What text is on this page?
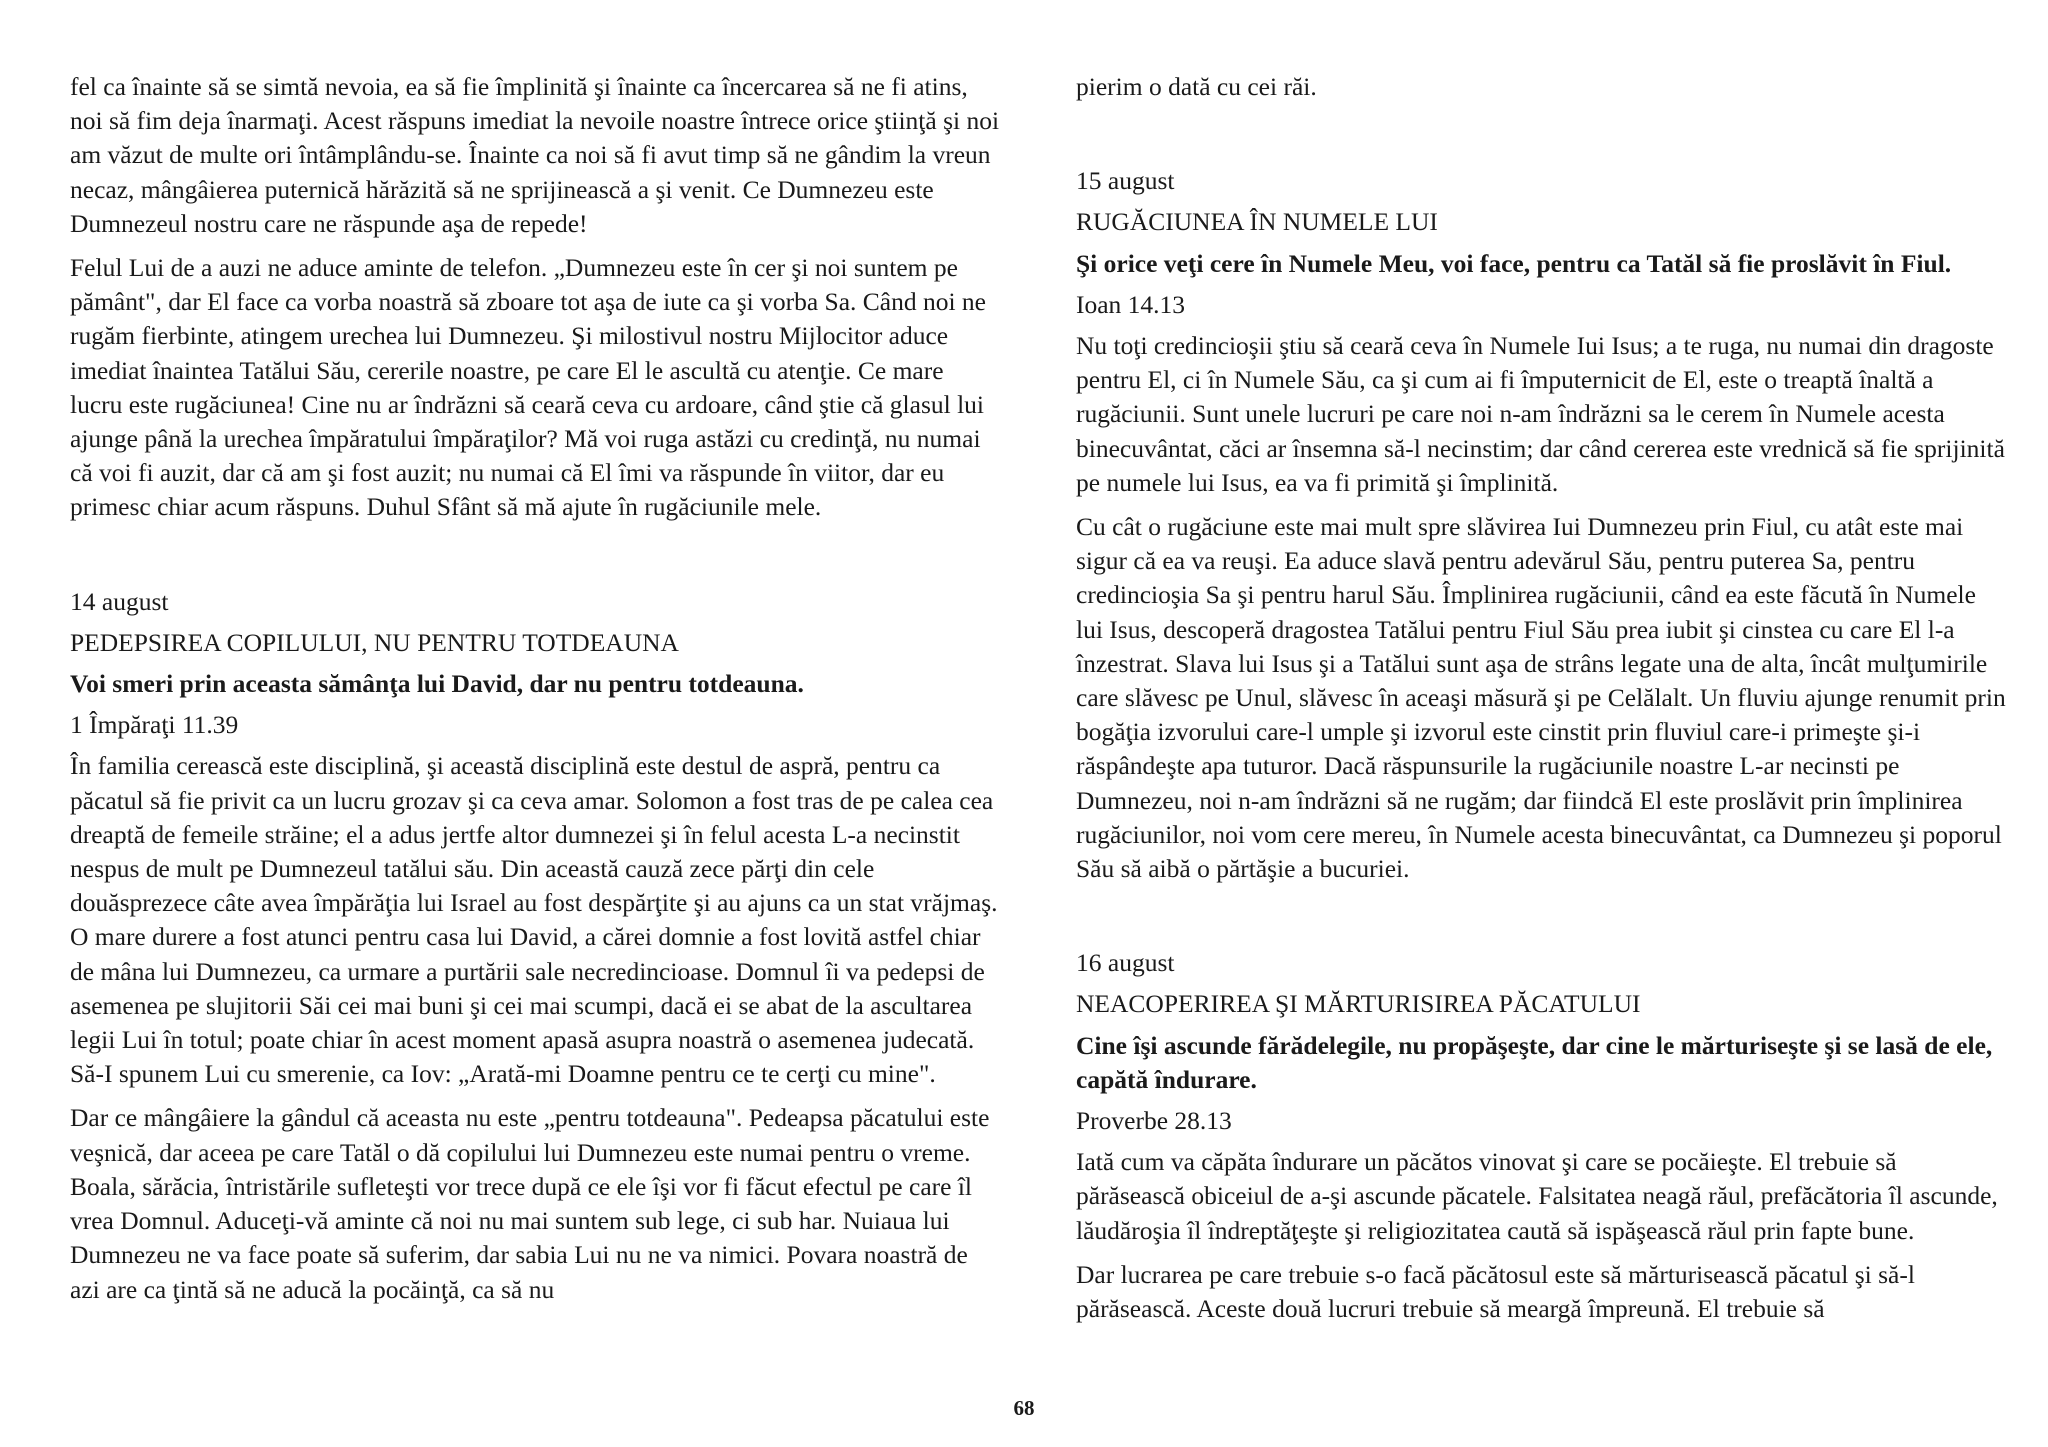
fel ca înainte să se simtă nevoia, ea să fie împlinită şi înainte ca încercarea să ne fi atins, noi să fim deja înarmaţi. Acest răspuns imediat la nevoile noastre întrece orice ştiinţă şi noi am văzut de multe ori întâmplându-se. Înainte ca noi să fi avut timp să ne gândim la vreun necaz, mângâierea puternică hărăzită să ne sprijinească a şi venit. Ce Dumnezeu este Dumnezeul nostru care ne răspunde aşa de repede!

Felul Lui de a auzi ne aduce aminte de telefon. „Dumnezeu este în cer şi noi suntem pe pământ", dar El face ca vorba noastră să zboare tot aşa de iute ca şi vorba Sa. Când noi ne rugăm fierbinte, atingem urechea lui Dumnezeu. Şi milostivul nostru Mijlocitor aduce imediat înaintea Tatălui Său, cererile noastre, pe care El le ascultă cu atenţie. Ce mare lucru este rugăciunea! Cine nu ar îndrăzni să ceară ceva cu ardoare, când ştie că glasul lui ajunge până la urechea împăratului împăraţilor? Mă voi ruga astăzi cu credinţă, nu numai că voi fi auzit, dar că am şi fost auzit; nu numai că El îmi va răspunde în viitor, dar eu primesc chiar acum răspuns. Duhul Sfânt să mă ajute în rugăciunile mele.

14 august

PEDEPSIREA COPILULUI, NU PENTRU TOTDEAUNA

Voi smeri prin aceasta sămânţa lui David, dar nu pentru totdeauna.

1 Împăraţi 11.39

În familia cerească este disciplină, şi această disciplină este destul de aspră, pentru ca păcatul să fie privit ca un lucru grozav şi ca ceva amar. Solomon a fost tras de pe calea cea dreaptă de femeile străine; el a adus jertfe altor dumnezei şi în felul acesta L-a necinstit nespus de mult pe Dumnezeul tatălui său. Din această cauză zece părţi din cele douăsprezece câte avea împărăţia lui Israel au fost despărţite şi au ajuns ca un stat vrăjmaş. O mare durere a fost atunci pentru casa lui David, a cărei domnie a fost lovită astfel chiar de mâna lui Dumnezeu, ca urmare a purtării sale necredincioase. Domnul îi va pedepsi de asemenea pe slujitorii Săi cei mai buni şi cei mai scumpi, dacă ei se abat de la ascultarea legii Lui în totul; poate chiar în acest moment apasă asupra noastră o asemenea judecată. Să-I spunem Lui cu smerenie, ca Iov: „Arată-mi Doamne pentru ce te cerţi cu mine".

Dar ce mângâiere la gândul că aceasta nu este „pentru totdeauna". Pedeapsa păcatului este veşnică, dar aceea pe care Tatăl o dă copilului lui Dumnezeu este numai pentru o vreme. Boala, sărăcia, întristările sufleteşti vor trece după ce ele îşi vor fi făcut efectul pe care îl vrea Domnul. Aduceţi-vă aminte că noi nu mai suntem sub lege, ci sub har. Nuiaua lui Dumnezeu ne va face poate să suferim, dar sabia Lui nu ne va nimici. Povara noastră de azi are ca ţintă să ne aducă la pocăinţă, ca să nu

pierim o dată cu cei răi.

15 august

RUGĂCIUNEA ÎN NUMELE LUI

Şi orice veţi cere în Numele Meu, voi face, pentru ca Tatăl să fie proslăvit în Fiul.

Ioan 14.13

Nu toţi credincioşii ştiu să ceară ceva în Numele Iui Isus; a te ruga, nu numai din dragoste pentru El, ci în Numele Său, ca şi cum ai fi împuternicit de El, este o treaptă înaltă a rugăciunii. Sunt unele lucruri pe care noi n-am îndrăzni sa le cerem în Numele acesta binecuvântat, căci ar însemna să-l necinstim; dar când cererea este vrednică să fie sprijinită pe numele lui Isus, ea va fi primită şi împlinită.

Cu cât o rugăciune este mai mult spre slăvirea Iui Dumnezeu prin Fiul, cu atât este mai sigur că ea va reuşi. Ea aduce slavă pentru adevărul Său, pentru puterea Sa, pentru credincioşia Sa şi pentru harul Său. Împlinirea rugăciunii, când ea este făcută în Numele lui Isus, descoperă dragostea Tatălui pentru Fiul Său prea iubit şi cinstea cu care El l-a înzestrat. Slava lui Isus şi a Tatălui sunt aşa de strâns legate una de alta, încât mulţumirile care slăvesc pe Unul, slăvesc în aceaşi măsură şi pe Celălalt. Un fluviu ajunge renumit prin bogăţia izvorului care-l umple şi izvorul este cinstit prin fluviul care-i primeşte şi-i răspândeşte apa tuturor. Dacă răspunsurile la rugăciunile noastre L-ar necinsti pe Dumnezeu, noi n-am îndrăzni să ne rugăm; dar fiindcă El este proslăvit prin împlinirea rugăciunilor, noi vom cere mereu, în Numele acesta binecuvântat, ca Dumnezeu şi poporul Său să aibă o părtăşie a bucuriei.

16 august

NEACOPERIREA ŞI MĂRTURISIREA PĂCATULUI

Cine îşi ascunde fărădelegile, nu propăşeşte, dar cine le mărturiseşte şi se lasă de ele, capătă îndurare.

Proverbe 28.13

Iată cum va căpăta îndurare un păcătos vinovat şi care se pocăieşte. El trebuie să părăsească obiceiul de a-şi ascunde păcatele. Falsitatea neagă răul, prefăcătoria îl ascunde, lăudăroşia îl îndreptăţeşte şi religiozitatea caută să ispăşească răul prin fapte bune.

Dar lucrarea pe care trebuie s-o facă păcătosul este să mărturisească păcatul şi să-l părăsească. Aceste două lucruri trebuie să meargă împreună. El trebuie să

68
